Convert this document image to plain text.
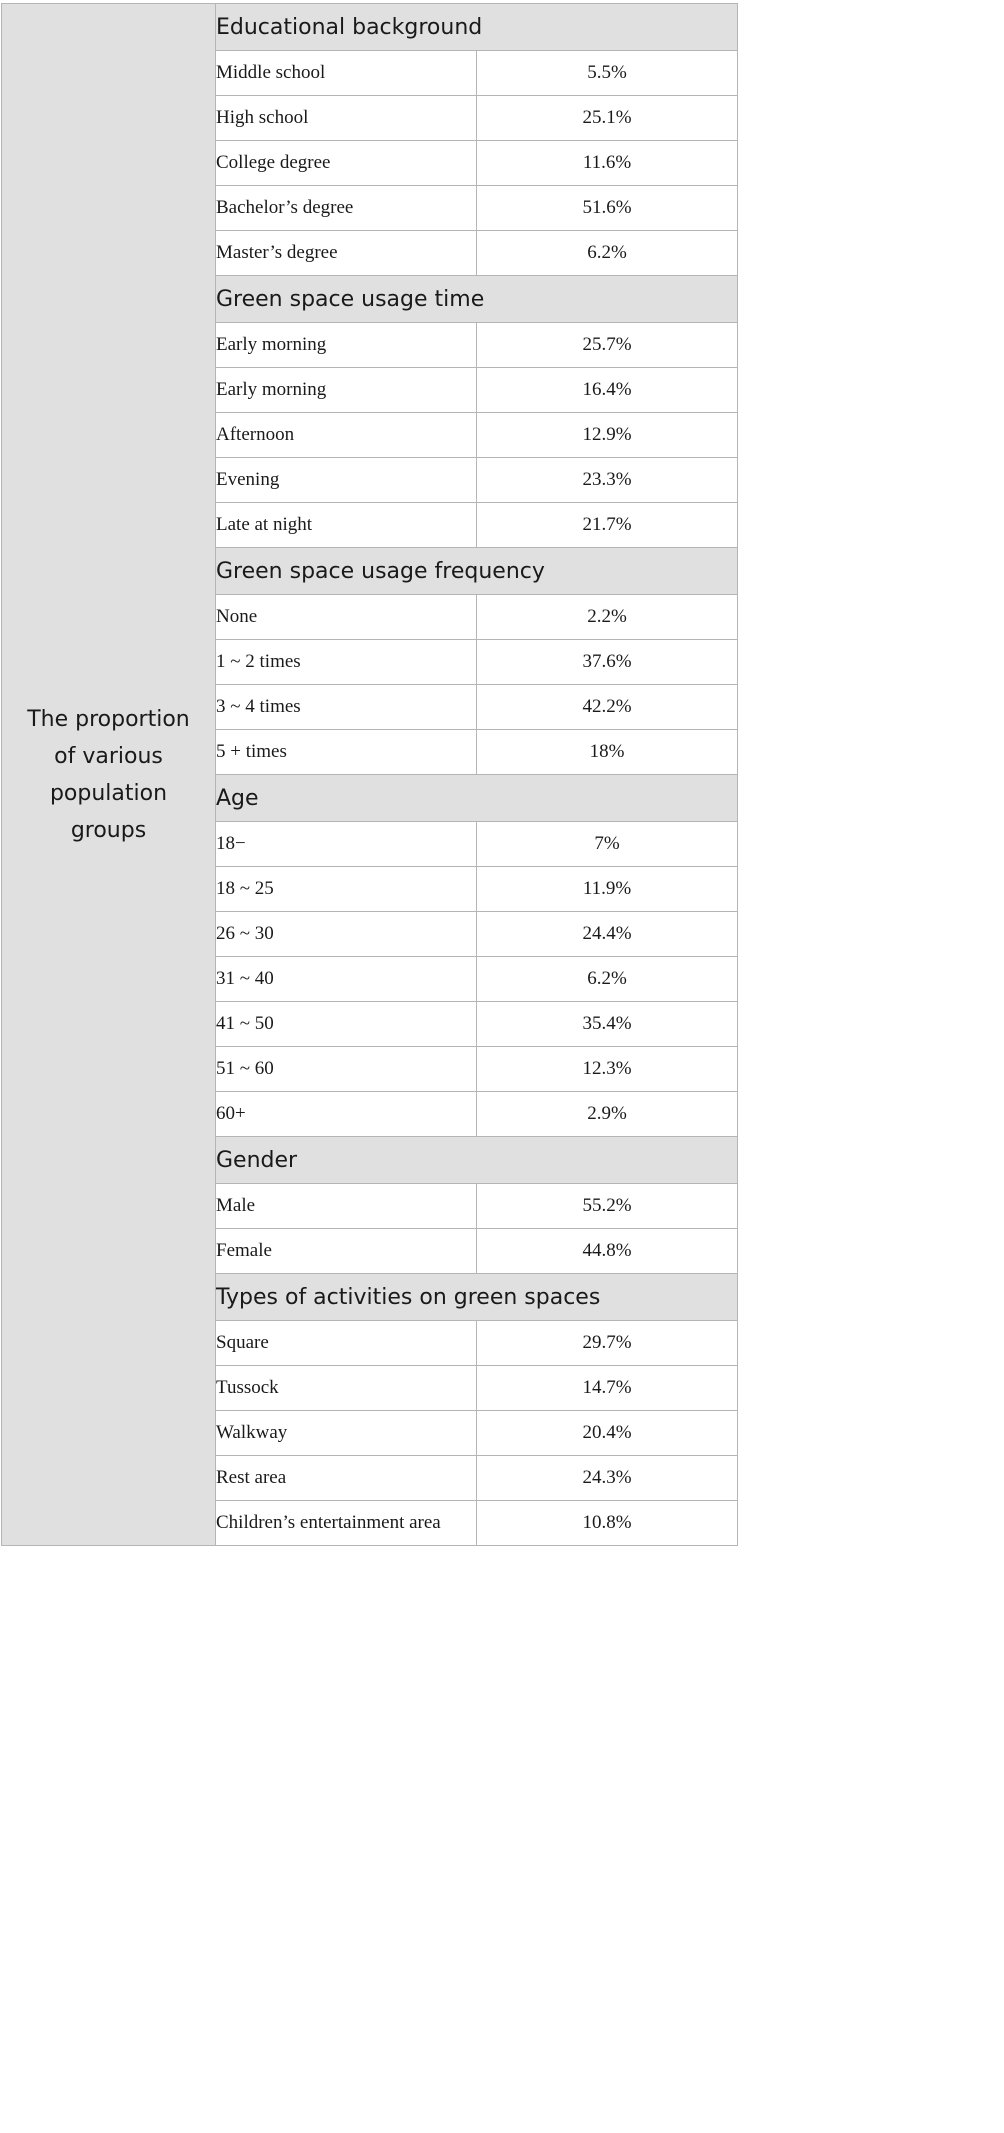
The proportion of various population groups	Educational background	
	Middle school	5.5%
	High school	25.1%
	College degree	11.6%
	Bachelor’s degree	51.6%
	Master’s degree	6.2%
	Green space usage time	
	Early morning	25.7%
	Early morning	16.4%
	Afternoon	12.9%
	Evening	23.3%
	Late at night	21.7%
	Green space usage frequency	
	None	2.2%
	1 ~ 2 times	37.6%
	3 ~ 4 times	42.2%
	5 + times	18%
	Age	
	18−	7%
	18 ~ 25	11.9%
	26 ~ 30	24.4%
	31 ~ 40	6.2%
	41 ~ 50	35.4%
	51 ~ 60	12.3%
	60+	2.9%
	Gender	
	Male	55.2%
	Female	44.8%
	Types of activities on green spaces	
	Square	29.7%
	Tussock	14.7%
	Walkway	20.4%
	Rest area	24.3%
	Children’s entertainment area	10.8%
